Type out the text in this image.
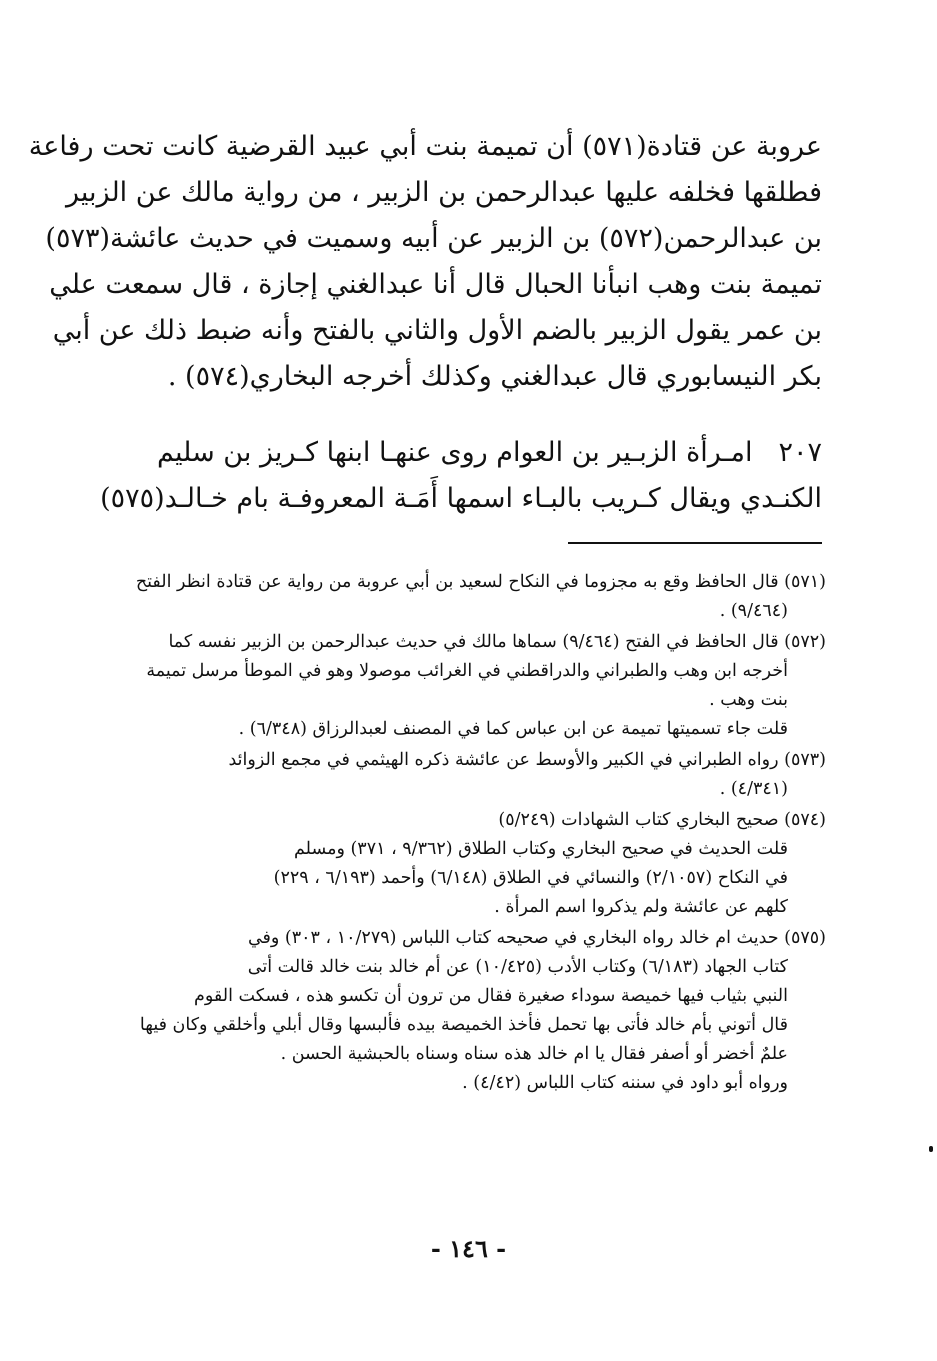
عروبة عن قتادة(٥٧١) أن تميمة بنت أبي عبيد القرضية كانت تحت رفاعة
فطلقها فخلفه عليها عبدالرحمن بن الزبير ، من رواية مالك عن الزبير
بن عبدالرحمن(٥٧٢) بن الزبير عن أبيه وسميت في حديث عائشة(٥٧٣)
تميمة بنت وهب انبأنا الحبال قال أنا عبدالغني إجازة ، قال سمعت علي
بن عمر يقول الزبير بالضم الأول والثاني بالفتح وأنه ضبط ذلك عن أبي
بكر النيسابوري قال عبدالغني وكذلك أخرجه البخاري(٥٧٤) .
٢٠٧امـرأة الزبـير بن العوام روى عنهـا ابنها كـريز بن سليم
الكنـدي ويقال كـريب بالبـاء اسمها أَمَـة المعروفـة بام خـالـد(٥٧٥)
(٥٧١) قال الحافظ وقع به مجزوما في النكاح لسعيد بن أبي عروبة من رواية عن قتادة انظر الفتح
(٩/٤٦٤) .
(٥٧٢) قال الحافظ في الفتح (٩/٤٦٤) سماها مالك في حديث عبدالرحمن بن الزبير نفسه كما
أخرجه ابن وهب والطبراني والدراقطني في الغرائب موصولا وهو في الموطأ مرسل تميمة
بنت وهب .
قلت جاء تسميتها تميمة عن ابن عباس كما في المصنف لعبدالرزاق (٦/٣٤٨) .
(٥٧٣) رواه الطبراني في الكبير والأوسط عن عائشة ذكره الهيثمي في مجمع الزوائد
(٤/٣٤١) .
(٥٧٤) صحيح البخاري كتاب الشهادات (٥/٢٤٩)
قلت الحديث في صحيح البخاري وكتاب الطلاق (٩/٣٦٢ ، ٣٧١) ومسلم
في النكاح (٢/١٠٥٧) والنسائي في الطلاق (٦/١٤٨) وأحمد (٦/١٩٣ ، ٢٢٩)
كلهم عن عائشة ولم يذكروا اسم المرأة .
(٥٧٥) حديث ام خالد رواه البخاري في صحيحه كتاب اللباس (١٠/٢٧٩ ، ٣٠٣) وفي
كتاب الجهاد (٦/١٨٣) وكتاب الأدب (١٠/٤٢٥) عن أم خالد بنت خالد قالت أتى
النبي بثياب فيها خميصة سوداء صغيرة فقال من ترون أن تكسو هذه ، فسكت القوم
قال أتوني بأم خالد فأتى بها تحمل فأخذ الخميصة بيده فألبسها وقال أبلي وأخلقي وكان فيها
علمٌ أخضر أو أصفر فقال يا ام خالد هذه سناه وسناه بالحبشية الحسن .
ورواه أبو داود في سننه كتاب اللباس (٤/٤٢) .
- ١٤٦ -
